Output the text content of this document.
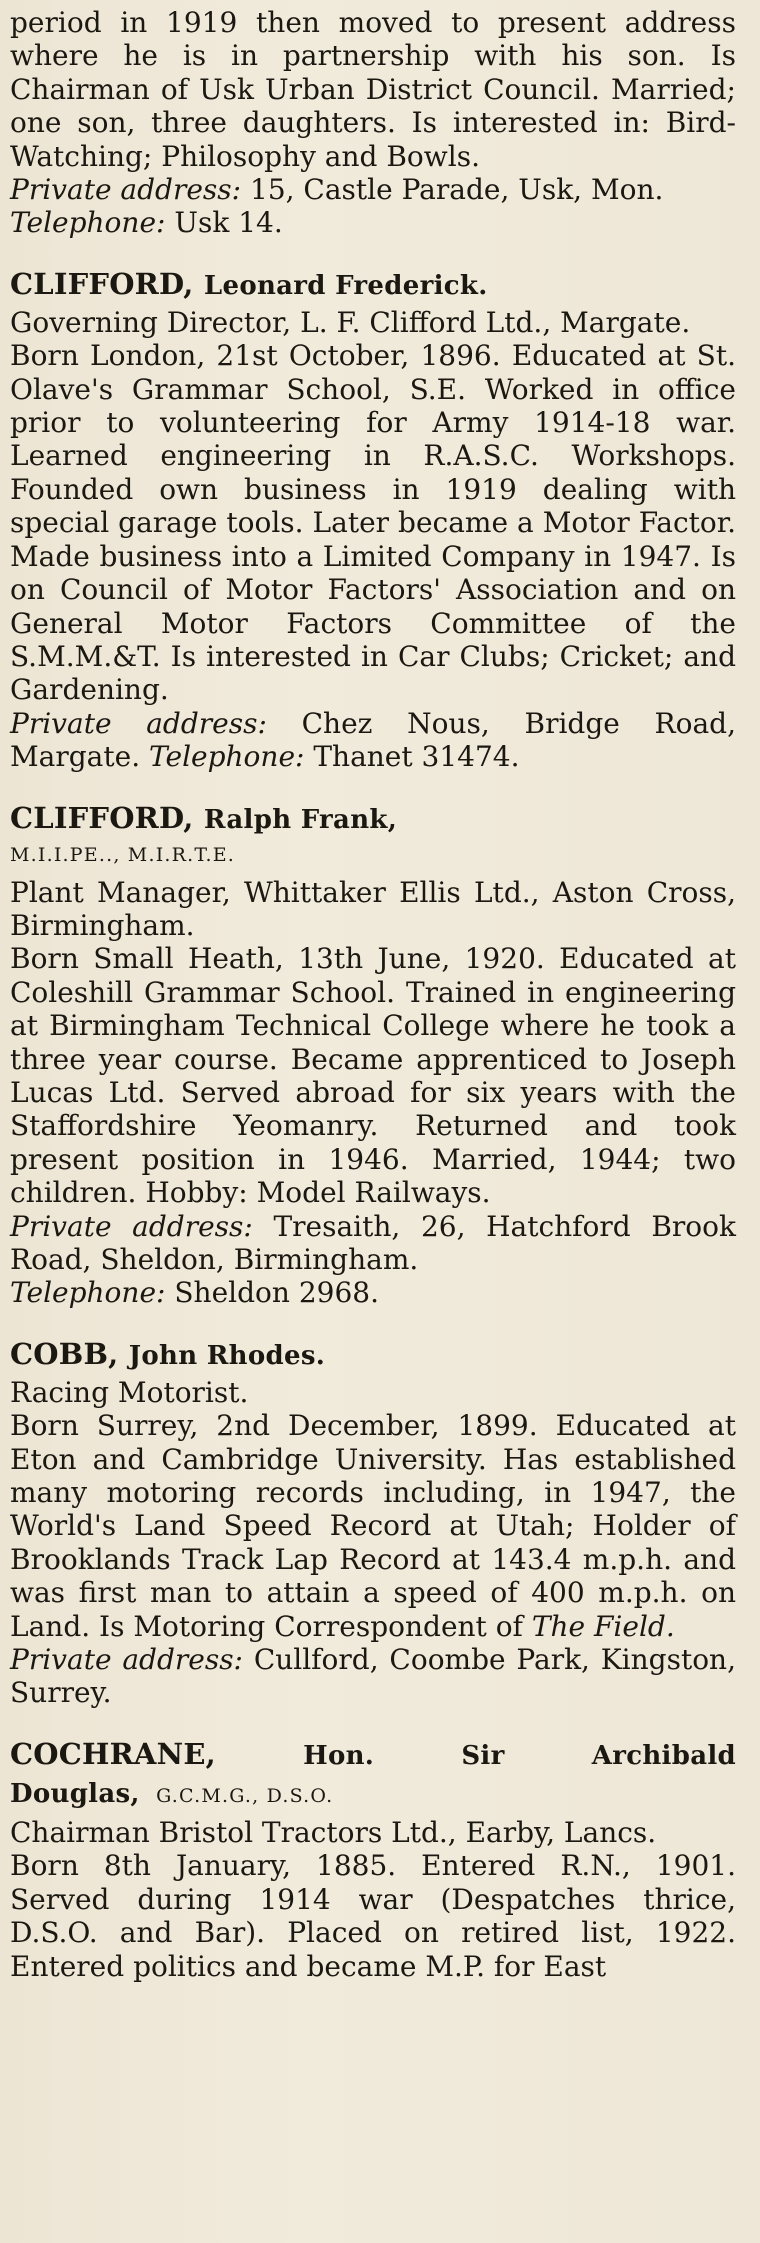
period in 1919 then moved to present address where he is in partnership with his son. Is Chairman of Usk Urban District Council. Married; one son, three daughters. Is interested in: Bird-Watching; Philosophy and Bowls.

Private address: 15, Castle Parade, Usk, Mon.

Telephone: Usk 14.

CLIFFORD, Leonard Frederick.

Governing Director, L. F. Clifford Ltd., Margate.

Born London, 21st October, 1896. Educated at St. Olave's Grammar School, S.E. Worked in office prior to volunteering for Army 1914-18 war. Learned engineering in R.A.S.C. Workshops. Founded own business in 1919 dealing with special garage tools. Later became a Motor Factor. Made business into a Limited Company in 1947. Is on Council of Motor Factors' Association and on General Motor Factors Committee of the S.M.M.&T. Is interested in Car Clubs; Cricket; and Gardening.

Private address: Chez Nous, Bridge Road, Margate. Telephone: Thanet 31474.

CLIFFORD, Ralph Frank,
M.I.I.PE.., M.I.R.T.E.

Plant Manager, Whittaker Ellis Ltd., Aston Cross, Birmingham.

Born Small Heath, 13th June, 1920. Educated at Coleshill Grammar School. Trained in engineering at Birmingham Technical College where he took a three year course. Became apprenticed to Joseph Lucas Ltd. Served abroad for six years with the Staffordshire Yeomanry. Returned and took present position in 1946. Married, 1944; two children. Hobby: Model Railways.

Private address: Tresaith, 26, Hatchford Brook Road, Sheldon, Birmingham.

Telephone: Sheldon 2968.

COBB, John Rhodes.

Racing Motorist.

Born Surrey, 2nd December, 1899. Educated at Eton and Cambridge University. Has established many motoring records including, in 1947, the World's Land Speed Record at Utah; Holder of Brooklands Track Lap Record at 143.4 m.p.h. and was first man to attain a speed of 400 m.p.h. on Land. Is Motoring Correspondent of The Field.

Private address: Cullford, Coombe Park, Kingston, Surrey.

COCHRANE,	Hon.	Sir	Archibald
Douglas, G.C.M.G., D.S.O.

Chairman Bristol Tractors Ltd., Earby, Lancs.

Born 8th January, 1885. Entered R.N., 1901. Served during 1914 war (Despatches thrice, D.S.O. and Bar). Placed on retired list, 1922. Entered politics and became M.P. for East
